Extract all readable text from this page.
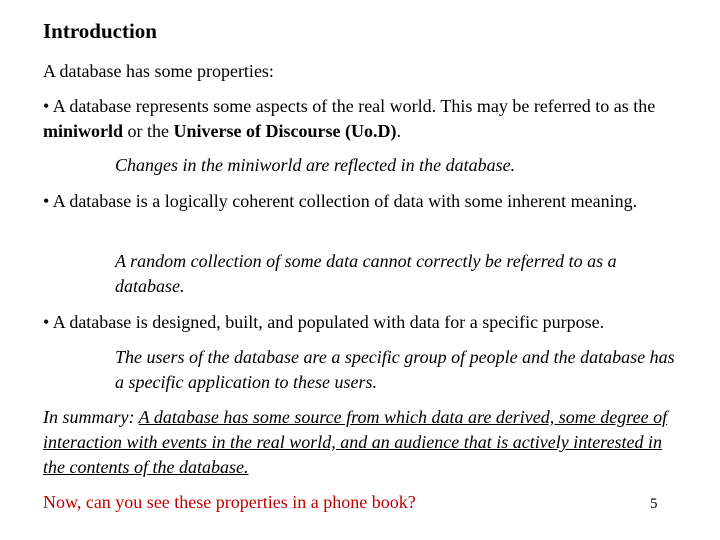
Introduction
A database has some properties:
• A database represents some aspects of the real world. This may be referred to as the miniworld or the Universe of Discourse (Uo.D).
Changes in the miniworld are reflected in the database.
• A database is a logically coherent collection of data with some inherent meaning.
A random collection of some data cannot correctly be referred to as a database.
• A database is designed, built, and populated with data for a specific purpose.
The users of the database are a specific group of people and the database has a specific application to these users.
In summary: A database has some source from which data are derived, some degree of interaction with events in the real world, and an audience that is actively interested in the contents of the database.
Now, can you see these properties in a phone book?	5
